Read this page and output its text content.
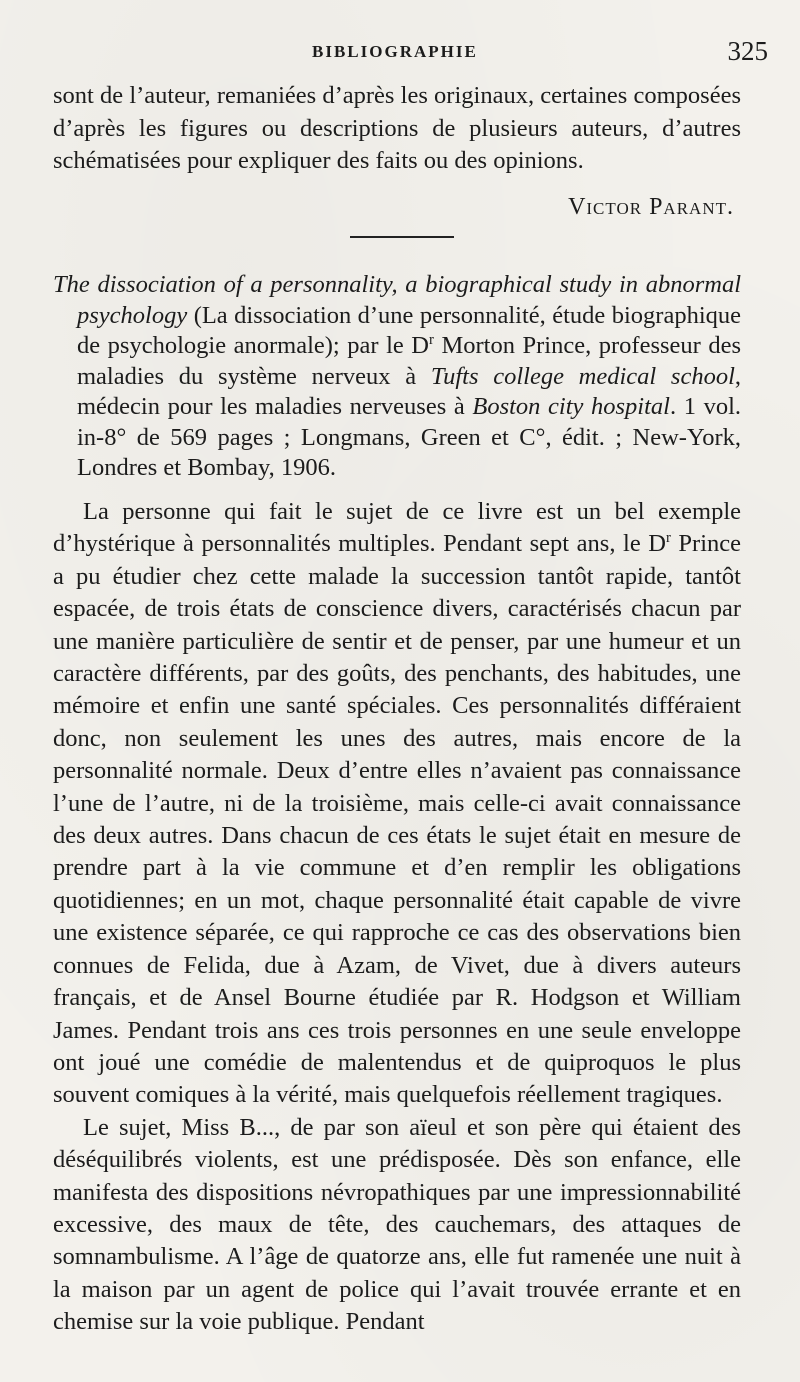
BIBLIOGRAPHIE	325

sont de l’auteur, remaniées d’après les originaux, certaines composées d’après les figures ou descriptions de plusieurs auteurs, d’autres schématisées pour expliquer des faits ou des opinions.

Victor Parant.

The dissociation of a personnality, a biographical study in abnormal psychology (La dissociation d’une personnalité, étude biographique de psychologie anormale); par le $D^r$ Morton Prince, professeur des maladies du système nerveux à Tufts college medical school, médecin pour les maladies nerveuses à Boston city hospital. 1 vol. in-8° de 569 pages ; Longmans, Green et C°, édit. ; New-York, Londres et Bombay, 1906.

La personne qui fait le sujet de ce livre est un bel exemple d’hystérique à personnalités multiples. Pendant sept ans, le $D^r$ Prince a pu étudier chez cette malade la succession tantôt rapide, tantôt espacée, de trois états de conscience divers, caractérisés chacun par une manière particulière de sentir et de penser, par une humeur et un caractère différents, par des goûts, des penchants, des habitudes, une mémoire et enfin une santé spéciales. Ces personnalités différaient donc, non seulement les unes des autres, mais encore de la personnalité normale. Deux d’entre elles n’avaient pas connaissance l’une de l’autre, ni de la troisième, mais celle-ci avait connaissance des deux autres. Dans chacun de ces états le sujet était en mesure de prendre part à la vie commune et d’en remplir les obligations quotidiennes; en un mot, chaque personnalité était capable de vivre une existence séparée, ce qui rapproche ce cas des observations bien connues de Felida, due à Azam, de Vivet, due à divers auteurs français, et de Ansel Bourne étudiée par R. Hodgson et William James. Pendant trois ans ces trois personnes en une seule enveloppe ont joué une comédie de malentendus et de quiproquos le plus souvent comiques à la vérité, mais quelquefois réellement tragiques.

Le sujet, Miss B..., de par son aïeul et son père qui étaient des déséquilibrés violents, est une prédisposée. Dès son enfance, elle manifesta des dispositions névropathiques par une impressionnabilité excessive, des maux de tête, des cauchemars, des attaques de somnambulisme. A l’âge de quatorze ans, elle fut ramenée une nuit à la maison par un agent de police qui l’avait trouvée errante et en chemise sur la voie publique. Pendant
